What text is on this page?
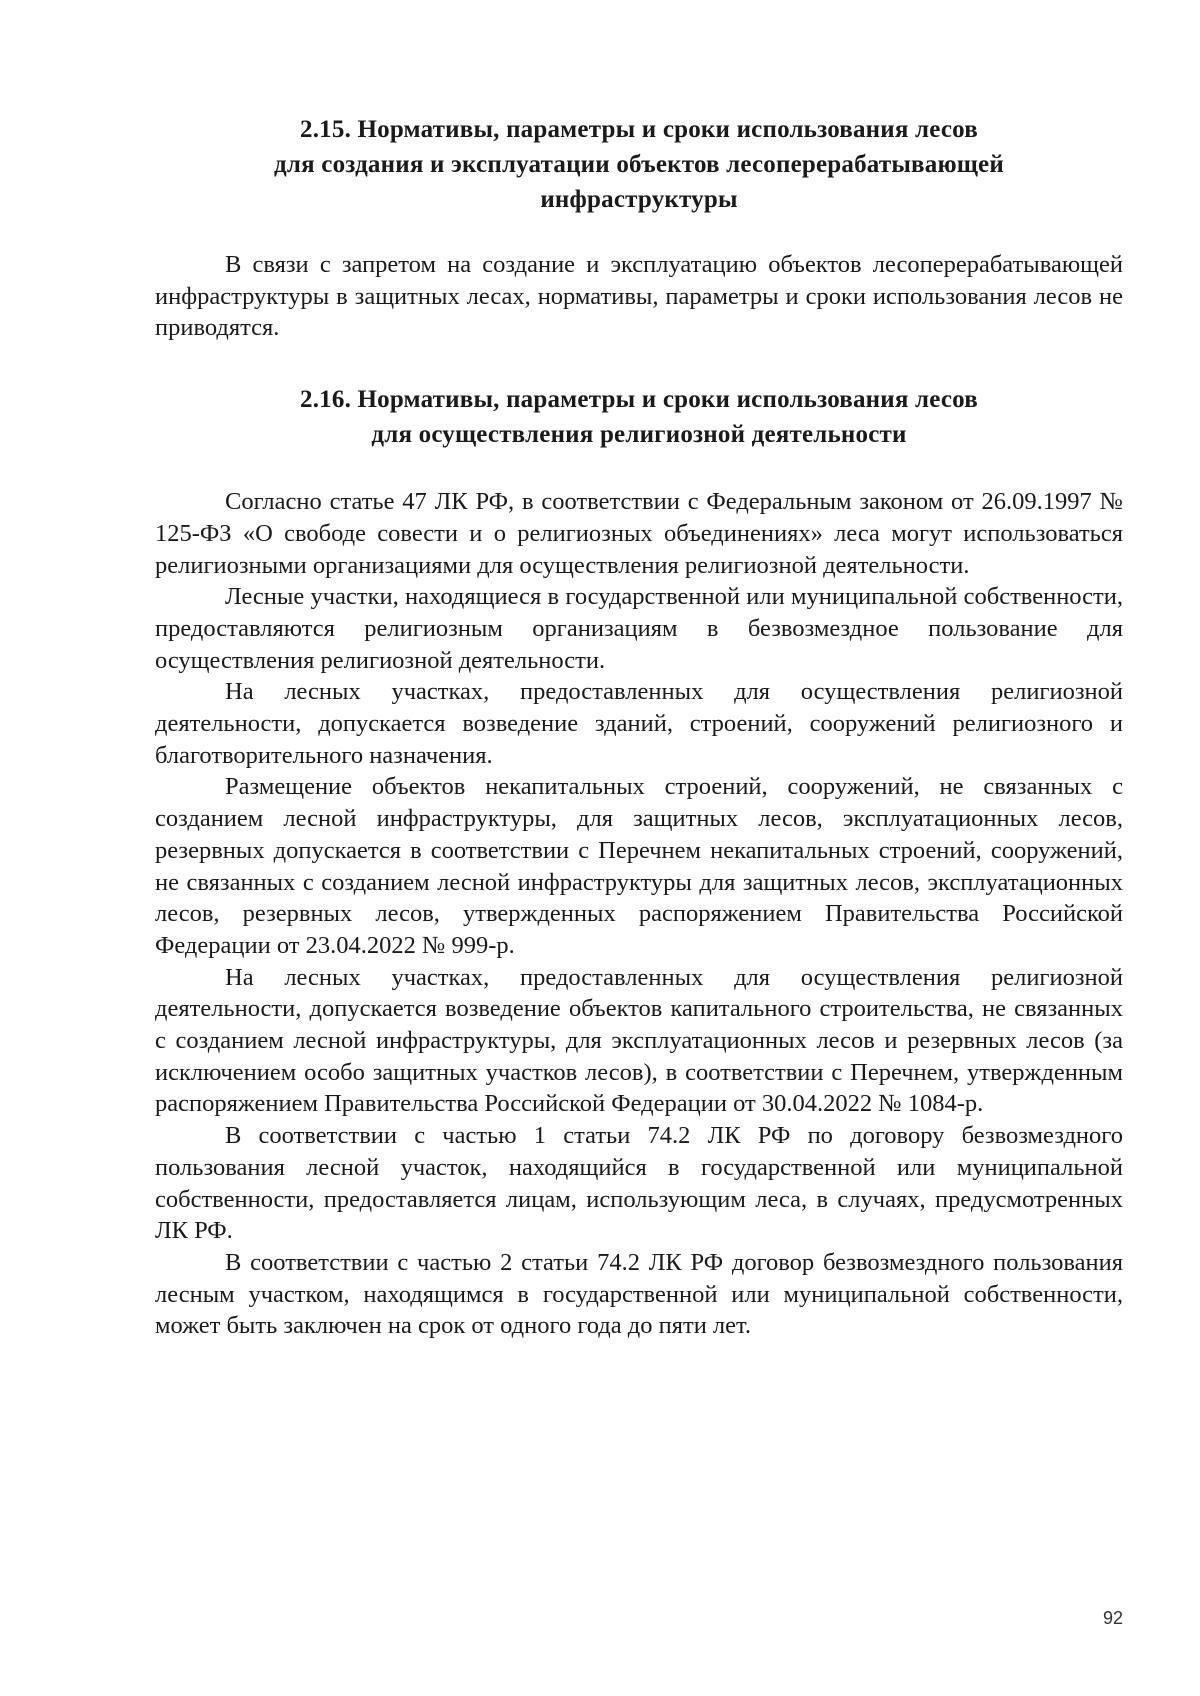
2.15. Нормативы, параметры и сроки использования лесов
для создания и эксплуатации объектов лесоперерабатывающей
инфраструктуры

В связи с запретом на создание и эксплуатацию объектов лесоперерабатывающей инфраструктуры в защитных лесах, нормативы, параметры и сроки использования лесов не приводятся.

2.16. Нормативы, параметры и сроки использования лесов
для осуществления религиозной деятельности

Согласно статье 47 ЛК РФ, в соответствии с Федеральным законом от 26.09.1997 № 125-ФЗ «О свободе совести и о религиозных объединениях» леса могут использоваться религиозными организациями для осуществления религиозной деятельности.

Лесные участки, находящиеся в государственной или муниципальной собственности, предоставляются религиозным организациям в безвозмездное пользование для осуществления религиозной деятельности.

На лесных участках, предоставленных для осуществления религиозной деятельности, допускается возведение зданий, строений, сооружений религиозного и благотворительного назначения.

Размещение объектов некапитальных строений, сооружений, не связанных с созданием лесной инфраструктуры, для защитных лесов, эксплуатационных лесов, резервных допускается в соответствии с Перечнем некапитальных строений, сооружений, не связанных с созданием лесной инфраструктуры для защитных лесов, эксплуатационных лесов, резервных лесов, утвержденных распоряжением Правительства Российской Федерации от 23.04.2022 № 999-р.

На лесных участках, предоставленных для осуществления религиозной деятельности, допускается возведение объектов капитального строительства, не связанных с созданием лесной инфраструктуры, для эксплуатационных лесов и резервных лесов (за исключением особо защитных участков лесов), в соответствии с Перечнем, утвержденным распоряжением Правительства Российской Федерации от 30.04.2022 № 1084-р.

В соответствии с частью 1 статьи 74.2 ЛК РФ по договору безвозмездного пользования лесной участок, находящийся в государственной или муниципальной собственности, предоставляется лицам, использующим леса, в случаях, предусмотренных ЛК РФ.

В соответствии с частью 2 статьи 74.2 ЛК РФ договор безвозмездного пользования лесным участком, находящимся в государственной или муниципальной собственности, может быть заключен на срок от одного года до пяти лет.

92
